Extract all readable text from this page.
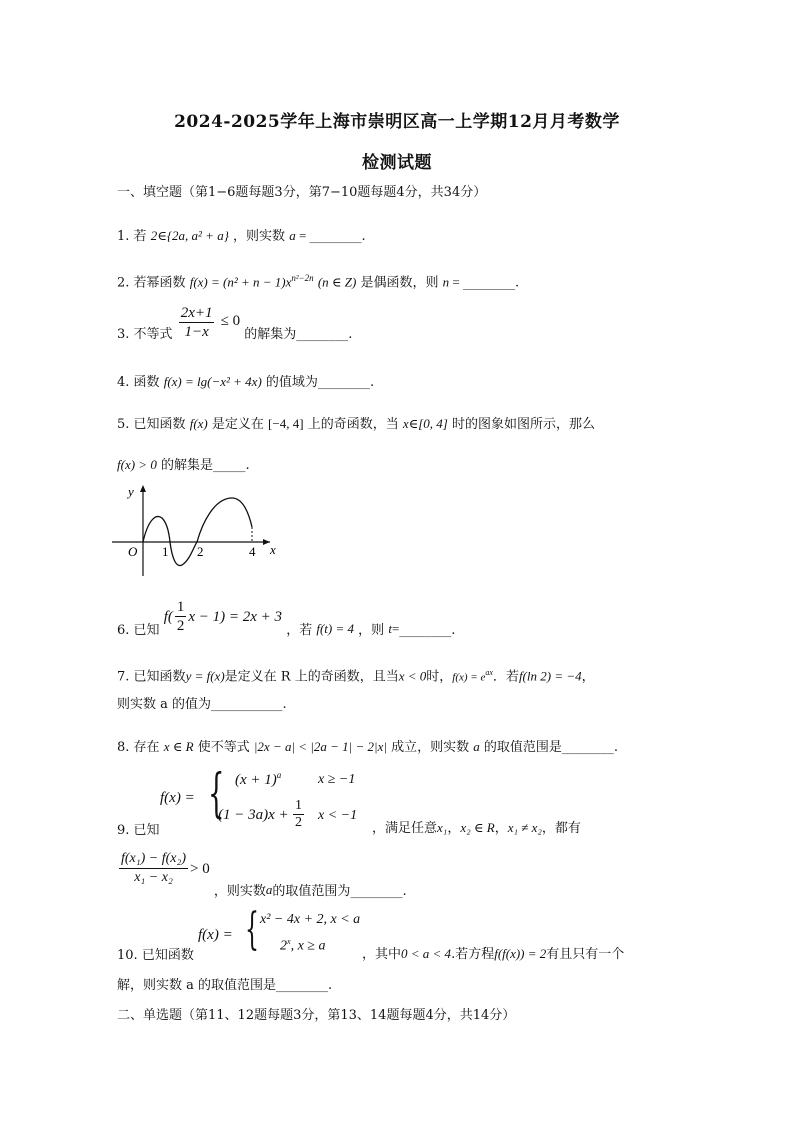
2024-2025学年上海市崇明区高一上学期12月月考数学
检测试题
一、填空题（第1−6题每题3分，第7−10题每题4分，共34分）
1. 若 2∈{2a, a² + a} ，则实数 a = ________.
2. 若幂函数 $f(x) = (n^2 + n - 1)x^{n^2-2n}$ (n ∈ Z) 是偶函数，则 n = ________.
3. 不等式 $\frac{2x+1}{1-x} \le 0$ 的解集为________.
4. 函数 f(x) = lg(−x² + 4x) 的值域为________.
5. 已知函数 f(x) 是定义在 [−4, 4] 上的奇函数，当 x∈[0, 4] 时的图象如图所示，那么
f(x) > 0 的解集是_____.
y
x
O 1 2	4
6. 已知 $f( \frac{1}{2}$ x − 1) = 2x + 3 ，若 f(t) = 4 ，则 t=________.
7. 已知函数y = f(x)是定义在 R 上的奇函数，且当x < 0时，$f(x) = e^{ax}$．若f(ln 2) = −4，
则实数 a 的值为___________.
8. 存在 x ∈ R 使不等式 |2x − a| < |2a − 1| − 2|x| 成立，则实数 a 的取值范围是________.
f(x) = { $(x + 1)^a$	x ≥ −1
$(1 - 3a)x + \frac{1}{2}$ x < −1
9. 已知	，满足任意x₁，x₂ ∈ R，x₁ ≠ x₂，都有
$\frac{\text{f(x₁) − f(x₂)}}{\text{x₁ − x₂}} > 0$ ，则实数a的取值范围为________.
f(x) = { x² − 4x + 2, x < a
2$^x$, x ≥ a
10. 已知函数	，其中0 < a < 4.若方程f(f(x)) = 2有且只有一个
解，则实数 a 的取值范围是________.
二、单选题（第11、12题每题3分，第13、14题每题4分，共14分）
